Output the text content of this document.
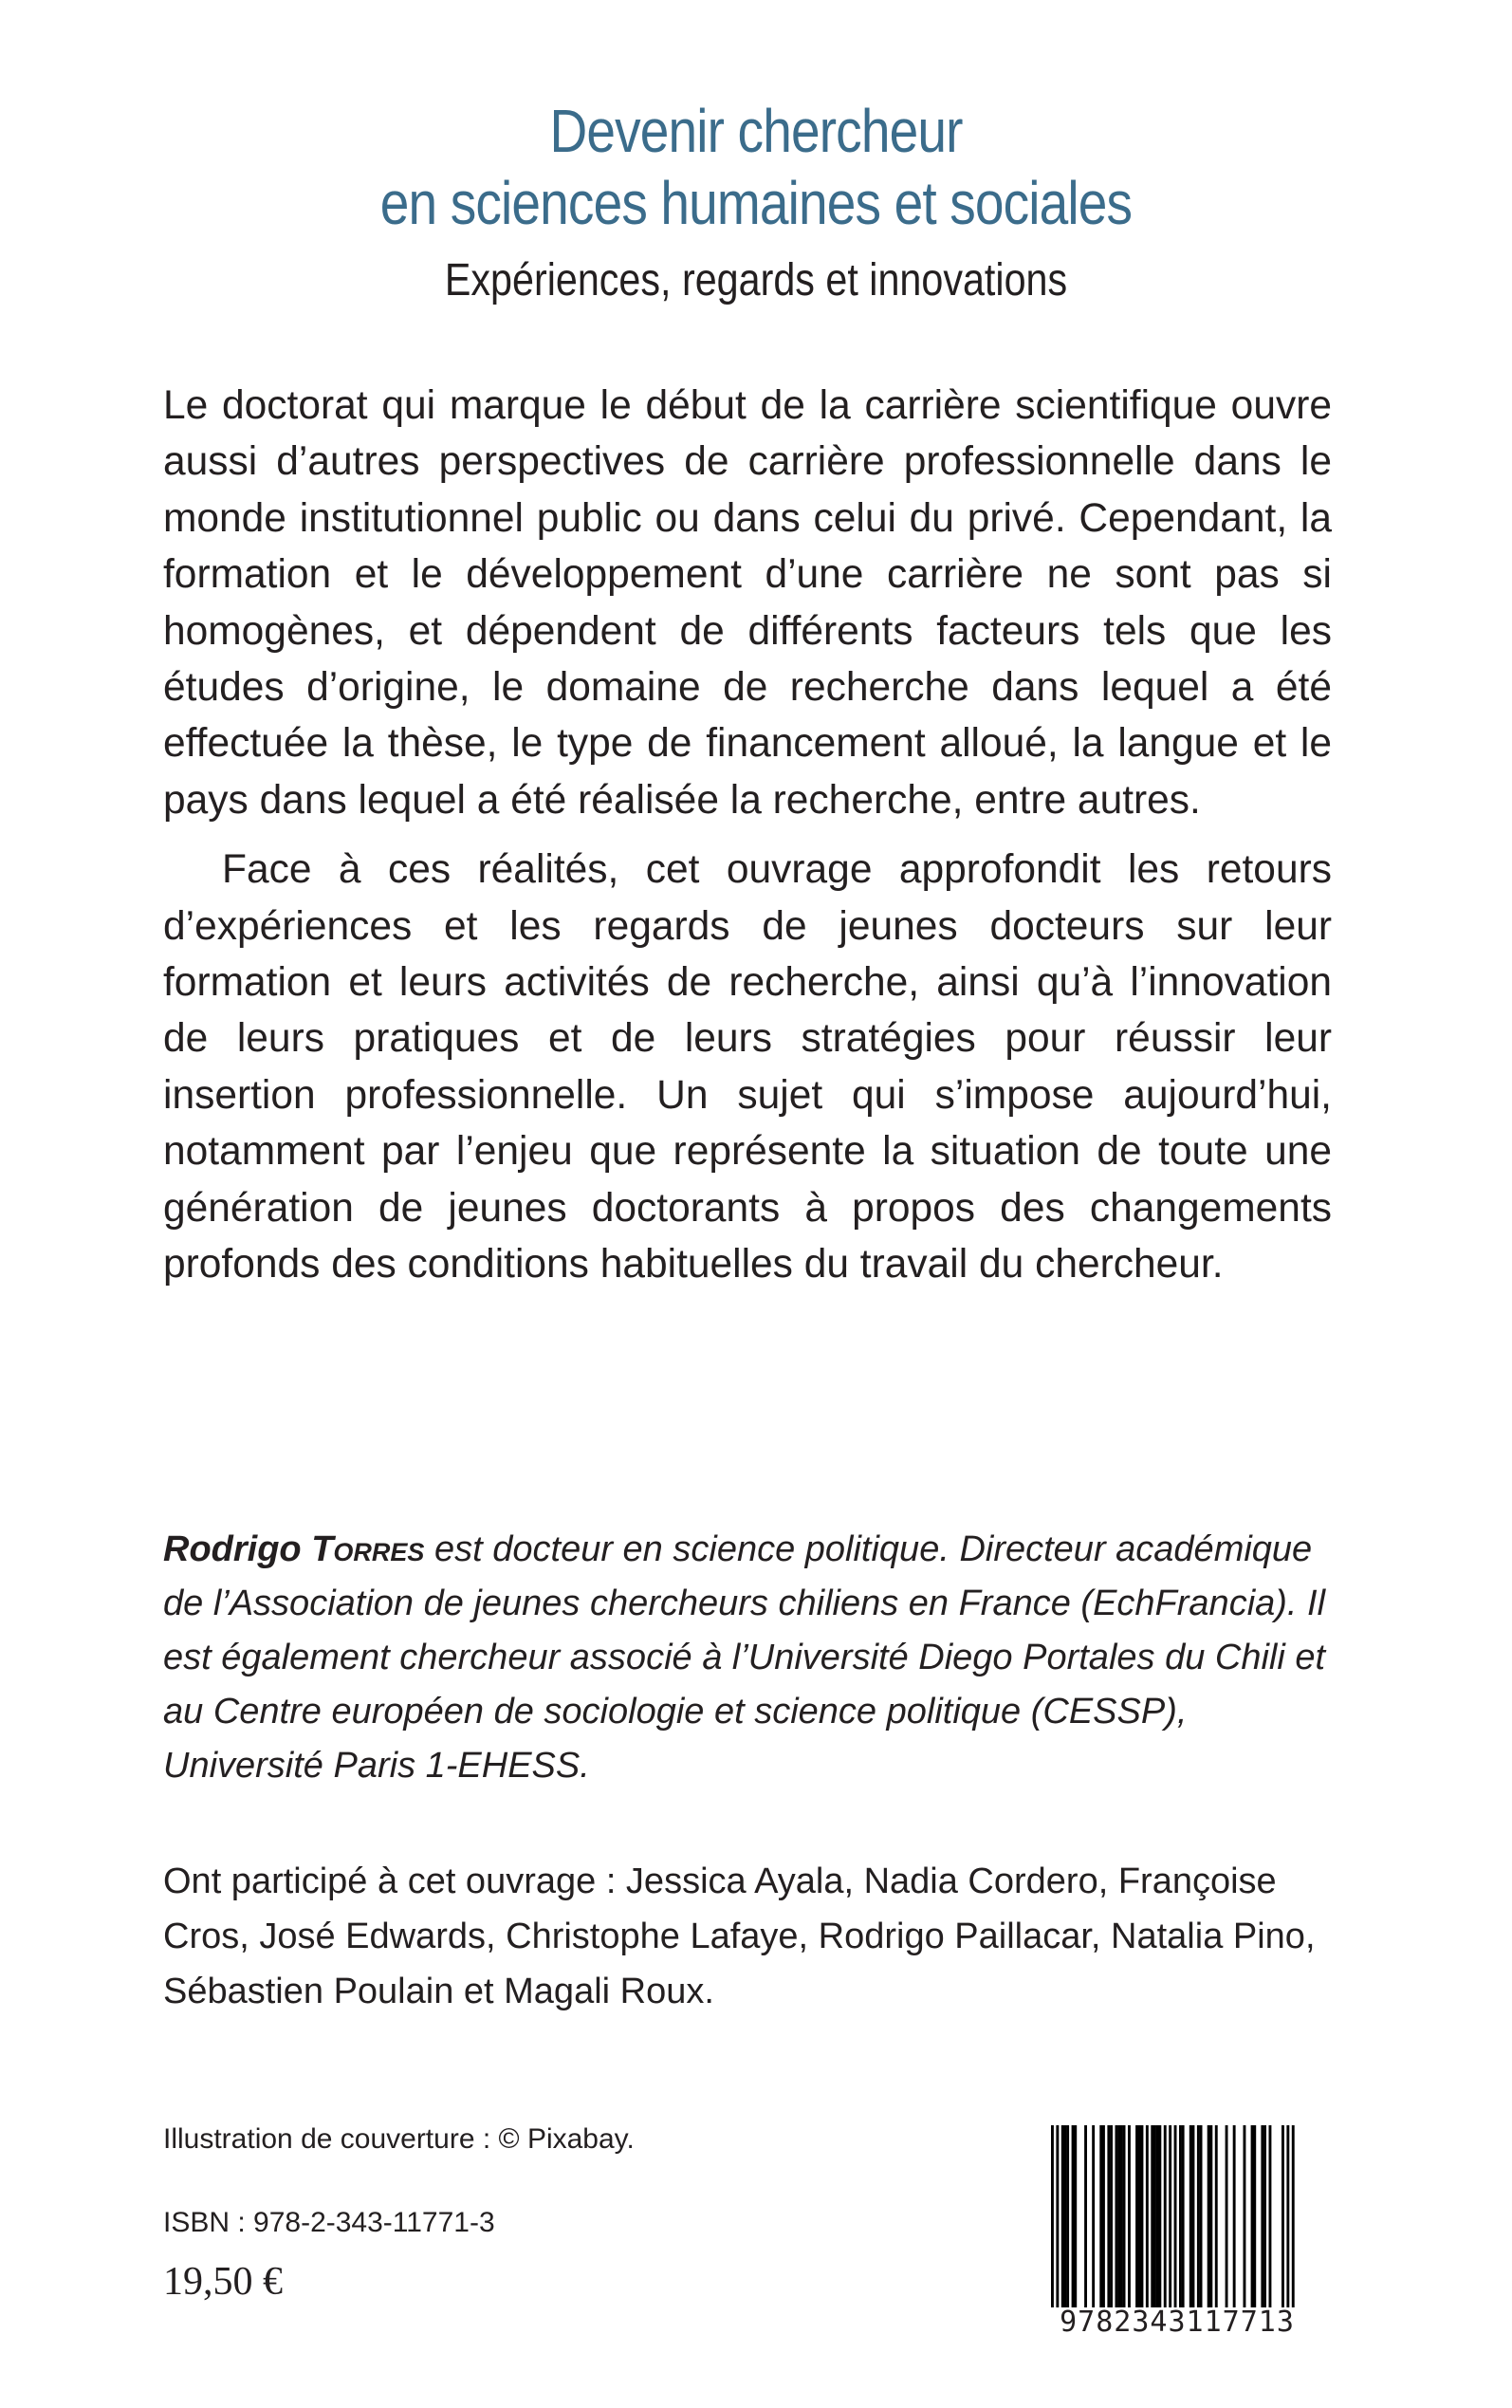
Devenir chercheur
en sciences humaines et sociales
Expériences, regards et innovations

Le doctorat qui marque le début de la carrière scientifique ouvre aussi d’autres perspectives de carrière professionnelle dans le monde institutionnel public ou dans celui du privé. Cependant, la formation et le développement d’une carrière ne sont pas si homogènes, et dépendent de différents facteurs tels que les études d’origine, le domaine de recherche dans lequel a été effectuée la thèse, le type de financement alloué, la langue et le pays dans lequel a été réalisée la recherche, entre autres.

Face à ces réalités, cet ouvrage approfondit les retours d’expériences et les regards de jeunes docteurs sur leur formation et leurs activités de recherche, ainsi qu’à l’innovation de leurs pratiques et de leurs stratégies pour réussir leur insertion professionnelle. Un sujet qui s’impose aujourd’hui, notamment par l’enjeu que représente la situation de toute une génération de jeunes doctorants à propos des changements profonds des conditions habituelles du travail du chercheur.

Rodrigo Torres est docteur en science politique. Directeur académique de l’Association de jeunes chercheurs chiliens en France (EchFrancia). Il est également chercheur associé à l’Université Diego Portales du Chili et au Centre européen de sociologie et science politique (CESSP), Université Paris 1-EHESS.
Ont participé à cet ouvrage : Jessica Ayala, Nadia Cordero, Françoise Cros, José Edwards, Christophe Lafaye, Rodrigo Paillacar, Natalia Pino, Sébastien Poulain et Magali Roux.
Illustration de couverture : © Pixabay.
ISBN : 978-2-343-11771-3
19,50 €
9782343117713
